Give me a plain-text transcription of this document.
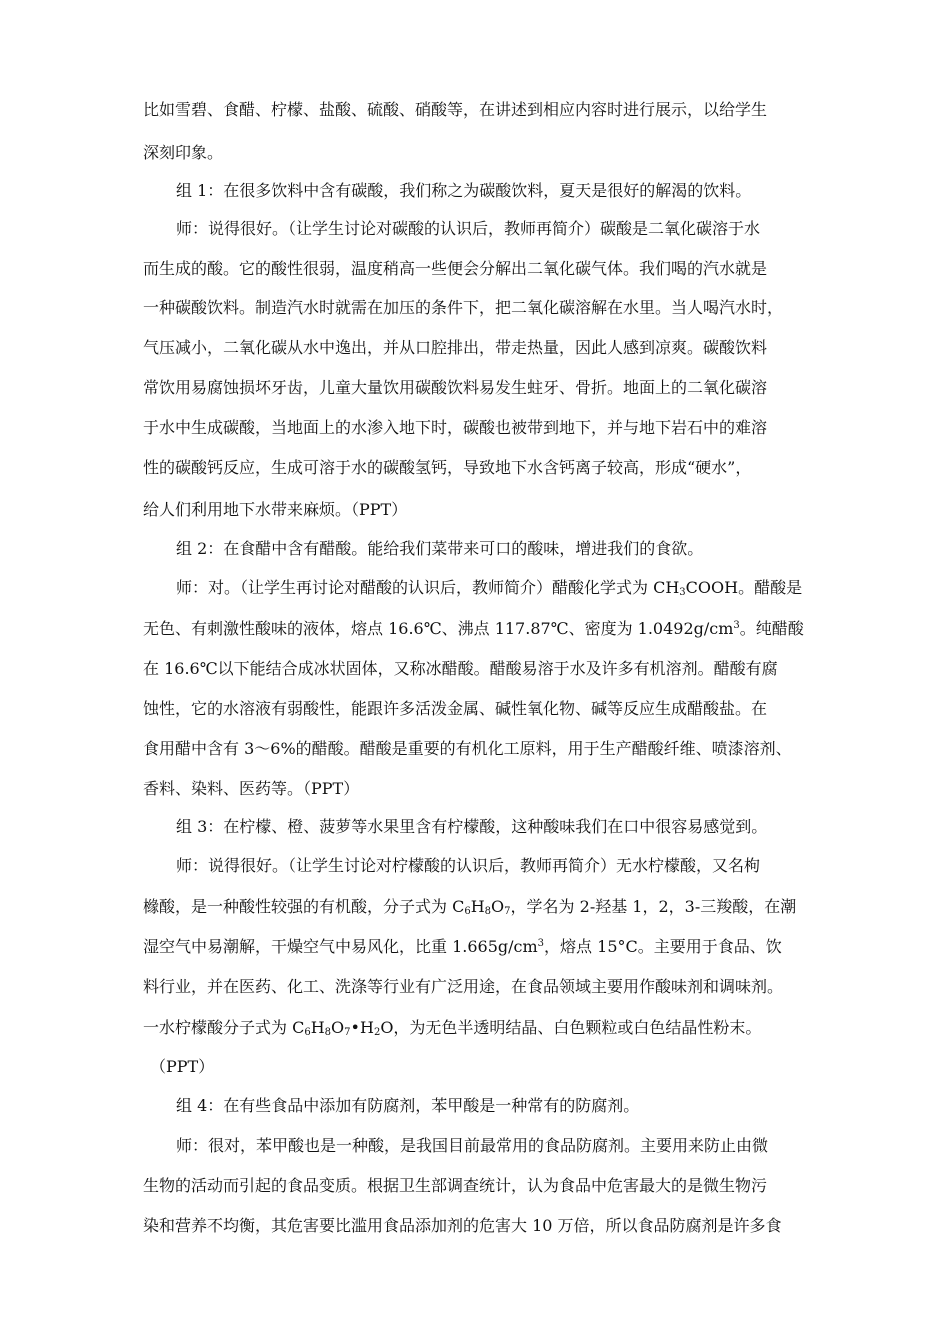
比如雪碧、食醋、柠檬、盐酸、硫酸、硝酸等，在讲述到相应内容时进行展示，以给学生
深刻印象。
组 1：在很多饮料中含有碳酸，我们称之为碳酸饮料，夏天是很好的解渴的饮料。
师：说得很好。（让学生讨论对碳酸的认识后，教师再简介）碳酸是二氧化碳溶于水
而生成的酸。它的酸性很弱，温度稍高一些便会分解出二氧化碳气体。我们喝的汽水就是
一种碳酸饮料。制造汽水时就需在加压的条件下，把二氧化碳溶解在水里。当人喝汽水时，
气压减小，二氧化碳从水中逸出，并从口腔排出，带走热量，因此人感到凉爽。碳酸饮料
常饮用易腐蚀损坏牙齿，儿童大量饮用碳酸饮料易发生蛀牙、骨折。地面上的二氧化碳溶
于水中生成碳酸，当地面上的水渗入地下时，碳酸也被带到地下，并与地下岩石中的难溶
性的碳酸钙反应，生成可溶于水的碳酸氢钙，导致地下水含钙离子较高，形成“硬水”，
给人们利用地下水带来麻烦。（PPT）
组 2：在食醋中含有醋酸。能给我们菜带来可口的酸味，增进我们的食欲。
师：对。（让学生再讨论对醋酸的认识后，教师简介）醋酸化学式为 $CH_3COOH$。醋酸是
无色、有刺激性酸味的液体，熔点 16.6℃、沸点 117.87℃、密度为 $1.0492g/cm^3$。纯醋酸
在 16.6℃以下能结合成冰状固体，又称冰醋酸。醋酸易溶于水及许多有机溶剂。醋酸有腐
蚀性，它的水溶液有弱酸性，能跟许多活泼金属、碱性氧化物、碱等反应生成醋酸盐。在
食用醋中含有 3～6%的醋酸。醋酸是重要的有机化工原料，用于生产醋酸纤维、喷漆溶剂、
香料、染料、医药等。（PPT）
组 3：在柠檬、橙、菠萝等水果里含有柠檬酸，这种酸味我们在口中很容易感觉到。
师：说得很好。（让学生讨论对柠檬酸的认识后，教师再简介）无水柠檬酸，又名枸
橼酸，是一种酸性较强的有机酸，分子式为 $C_6H_8O_7$，学名为 2-羟基 1，2，3-三羧酸，在潮
湿空气中易潮解，干燥空气中易风化，比重 $1.665g/cm^3$，熔点 15°C。主要用于食品、饮
料行业，并在医药、化工、洗涤等行业有广泛用途，在食品领域主要用作酸味剂和调味剂。
一水柠檬酸分子式为 $C_6H_8O_7•H_2O$，为无色半透明结晶、白色颗粒或白色结晶性粉末。
（PPT）
组 4：在有些食品中添加有防腐剂，苯甲酸是一种常有的防腐剂。
师：很对，苯甲酸也是一种酸，是我国目前最常用的食品防腐剂。主要用来防止由微
生物的活动而引起的食品变质。根据卫生部调查统计，认为食品中危害最大的是微生物污
染和营养不均衡，其危害要比滥用食品添加剂的危害大 10 万倍，所以食品防腐剂是许多食
